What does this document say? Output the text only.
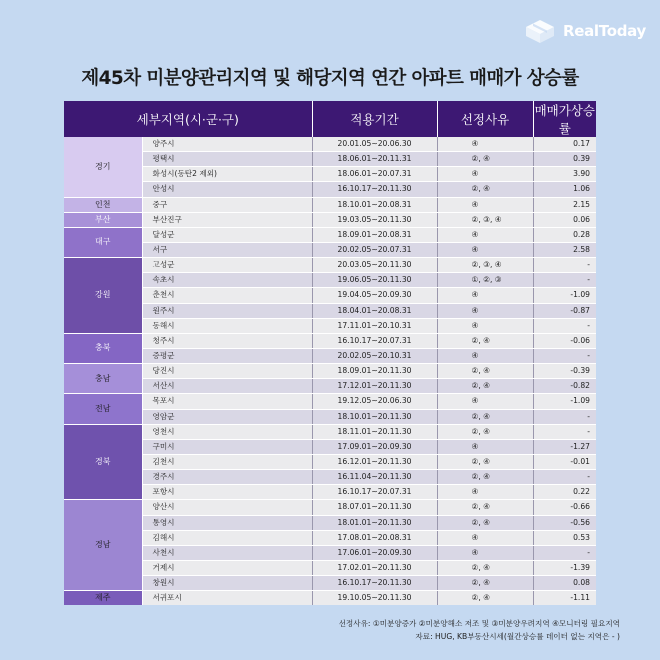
RealToday
제45차 미분양관리지역 및 해당지역 연간 아파트 매매가 상승률
세부지역(시·군·구)		적용기간	선정사유	매매가상승률
경기	양주시	20.01.05~20.06.30	④	0.17
	평택시	18.06.01~20.11.31	②, ④	0.39
	화성시(동탄2 제외)	18.06.01~20.07.31	④	3.90
	안성시	16.10.17~20.11.30	②, ④	1.06
인천	중구	18.10.01~20.08.31	④	2.15
부산	부산진구	19.03.05~20.11.30	②, ③, ④	0.06
대구	달성군	18.09.01~20.08.31	④	0.28
	서구	20.02.05~20.07.31	④	2.58
강원	고성군	20.03.05~20.11.30	②, ③, ④	-
	속초시	19.06.05~20.11.30	①, ②, ③	-
	춘천시	19.04.05~20.09.30	④	-1.09
	원주시	18.04.01~20.08.31	④	-0.87
	동해시	17.11.01~20.10.31	④	-
충북	청주시	16.10.17~20.07.31	②, ④	-0.06
	증평군	20.02.05~20.10.31	④	-
충남	당진시	18.09.01~20.11.30	②, ④	-0.39
	서산시	17.12.01~20.11.30	②, ④	-0.82
전남	목포시	19.12.05~20.06.30	④	-1.09
	영암군	18.10.01~20.11.30	②, ④	-
경북	영천시	18.11.01~20.11.30	②, ④	-
	구미시	17.09.01~20.09.30	④	-1.27
	김천시	16.12.01~20.11.30	②, ④	-0.01
	경주시	16.11.04~20.11.30	②, ④	-
	포항시	16.10.17~20.07.31	④	0.22
경남	양산시	18.07.01~20.11.30	②, ④	-0.66
	통영시	18.01.01~20.11.30	②, ④	-0.56
	김해시	17.08.01~20.08.31	④	0.53
	사천시	17.06.01~20.09.30	④	-
	거제시	17.02.01~20.11.30	②, ④	-1.39
	창원시	16.10.17~20.11.30	②, ④	0.08
제주	서귀포시	19.10.05~20.11.30	②, ④	-1.11
선정사유: ①미분양증가 ②미분양해소 저조 및 ③미분양우려지역 ④모니터링 필요지역
자료: HUG, KB부동산시세(월간상승률 데이터 없는 지역은 - )
